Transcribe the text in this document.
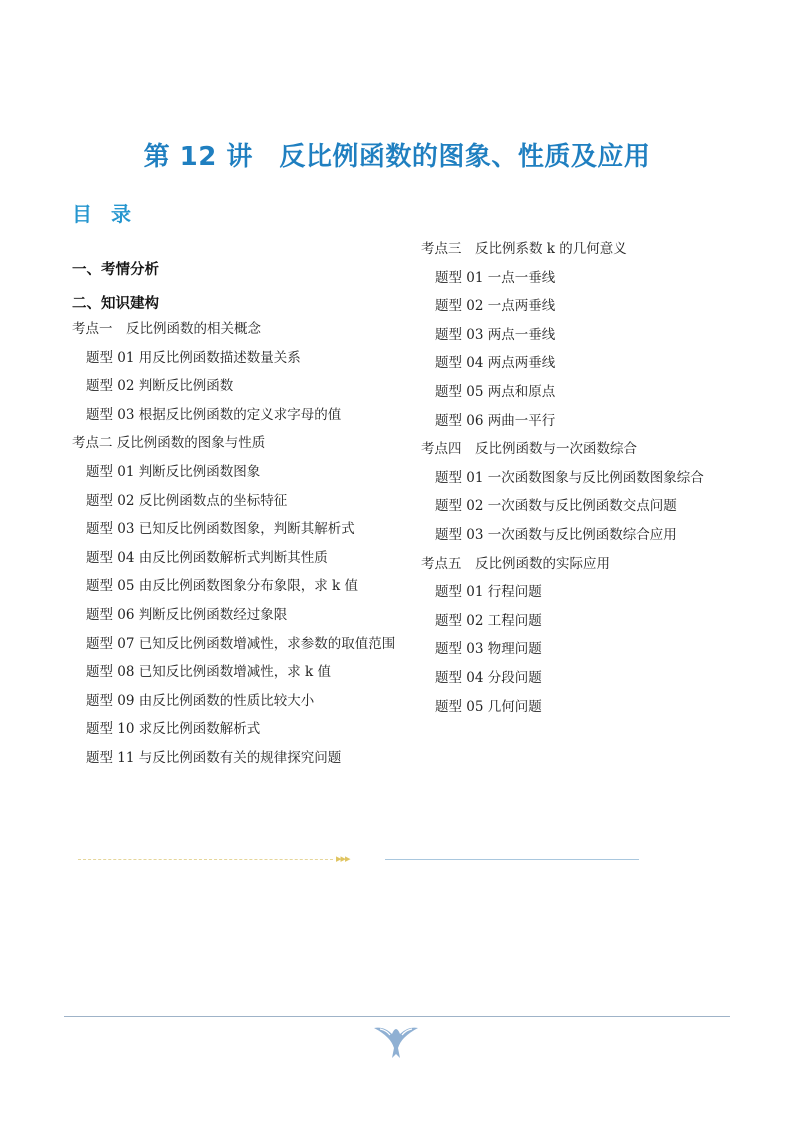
第 12 讲　反比例函数的图象、性质及应用
目 录
一、考情分析
二、知识建构
考点一　反比例函数的相关概念
题型 01 用反比例函数描述数量关系
题型 02 判断反比例函数
题型 03 根据反比例函数的定义求字母的值
考点二 反比例函数的图象与性质
题型 01 判断反比例函数图象
题型 02 反比例函数点的坐标特征
题型 03 已知反比例函数图象，判断其解析式
题型 04 由反比例函数解析式判断其性质
题型 05 由反比例函数图象分布象限，求 k 值
题型 06 判断反比例函数经过象限
题型 07 已知反比例函数增减性，求参数的取值范围
题型 08 已知反比例函数增减性，求 k 值
题型 09 由反比例函数的性质比较大小
题型 10 求反比例函数解析式
题型 11 与反比例函数有关的规律探究问题
考点三　反比例系数 k 的几何意义
题型 01 一点一垂线
题型 02 一点两垂线
题型 03 两点一垂线
题型 04 两点两垂线
题型 05 两点和原点
题型 06 两曲一平行
考点四　反比例函数与一次函数综合
题型 01 一次函数图象与反比例函数图象综合
题型 02 一次函数与反比例函数交点问题
题型 03 一次函数与反比例函数综合应用
考点五　反比例函数的实际应用
题型 01 行程问题
题型 02 工程问题
题型 03 物理问题
题型 04 分段问题
题型 05 几何问题
▸▸▸
